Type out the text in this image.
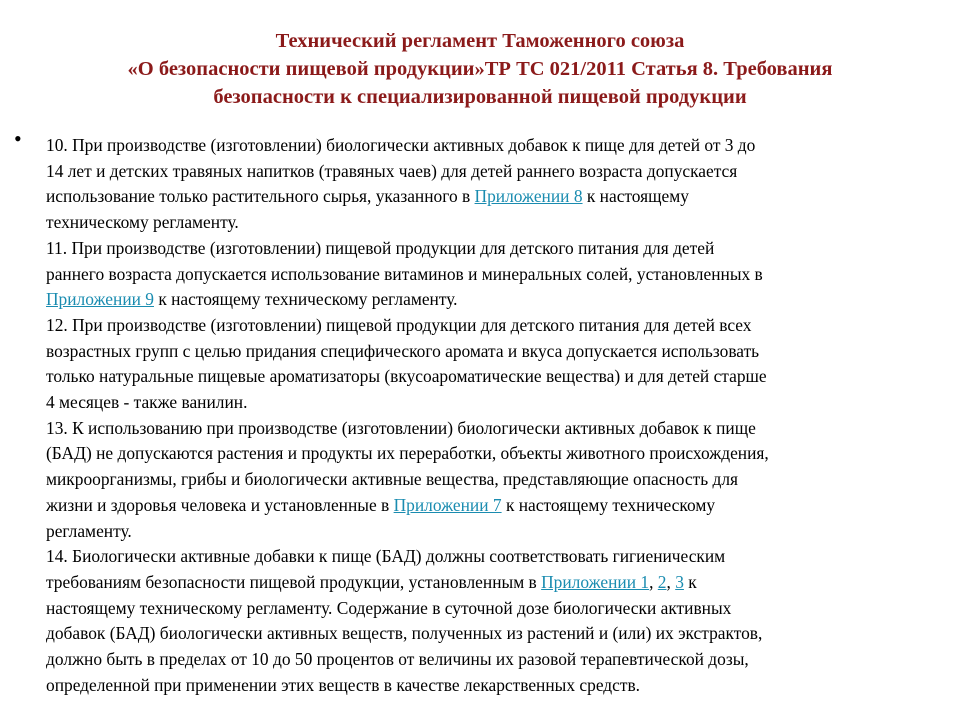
Технический регламент Таможенного союза
«О безопасности пищевой продукции»ТР ТС 021/2011 Статья 8. Требования
безопасности к специализированной пищевой продукции
• 10. При производстве (изготовлении) биологически активных добавок к пище для детей от 3 до
14 лет и детских травяных напитков (травяных чаев) для детей раннего возраста допускается
использование только растительного сырья, указанного в Приложении 8 к настоящему
техническому регламенту.
11. При производстве (изготовлении) пищевой продукции для детского питания для детей
раннего возраста допускается использование витаминов и минеральных солей, установленных в
Приложении 9 к настоящему техническому регламенту.
12. При производстве (изготовлении) пищевой продукции для детского питания для детей всех
возрастных групп с целью придания специфического аромата и вкуса допускается использовать
только натуральные пищевые ароматизаторы (вкусоароматические вещества) и для детей старше
4 месяцев - также ванилин.
13. К использованию при производстве (изготовлении) биологически активных добавок к пище
(БАД) не допускаются растения и продукты их переработки, объекты животного происхождения,
микроорганизмы, грибы и биологически активные вещества, представляющие опасность для
жизни и здоровья человека и установленные в Приложении 7 к настоящему техническому
регламенту.
14. Биологически активные добавки к пище (БАД) должны соответствовать гигиеническим
требованиям безопасности пищевой продукции, установленным в Приложении 1, 2, 3 к
настоящему техническому регламенту. Содержание в суточной дозе биологически активных
добавок (БАД) биологически активных веществ, полученных из растений и (или) их экстрактов,
должно быть в пределах от 10 до 50 процентов от величины их разовой терапевтической дозы,
определенной при применении этих веществ в качестве лекарственных средств.
